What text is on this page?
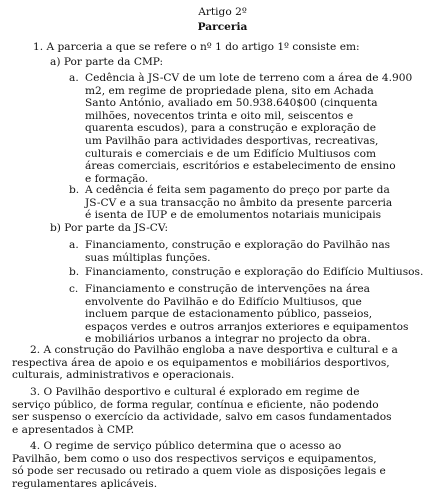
Artigo 2º
Parceria
1. A parceria a que se refere o nº 1 do artigo 1º consiste em:
a) Por parte da CMP:
a. Cedência à JS-CV de um lote de terreno com a área de 4.900
m2, em regime de propriedade plena, sito em Achada
Santo António, avaliado em 50.938.640$00 (cinquenta
milhões, novecentos trinta e oito mil, seiscentos e
quarenta escudos), para a construção e exploração de
um Pavilhão para actividades desportivas, recreativas,
culturais e comerciais e de um Edifício Multiusos com
áreas comerciais, escritórios e estabelecimento de ensino
e formação.
b. A cedência é feita sem pagamento do preço por parte da
JS-CV e a sua transacção no âmbito da presente parceria
é isenta de IUP e de emolumentos notariais municipais
b) Por parte da JS-CV:
a. Financiamento, construção e exploração do Pavilhão nas
suas múltiplas funções.
b. Financiamento, construção e exploração do Edifício Multiusos.
c. Financiamento e construção de intervenções na área
envolvente do Pavilhão e do Edifício Multiusos, que
incluem parque de estacionamento público, passeios,
espaços verdes e outros arranjos exteriores e equipamentos
e mobiliários urbanos a integrar no projecto da obra.
2. A construção do Pavilhão engloba a nave desportiva e cultural e a
respectiva área de apoio e os equipamentos e mobiliários desportivos,
culturais, administrativos e operacionais.
3. O Pavilhão desportivo e cultural é explorado em regime de
serviço público, de forma regular, contínua e eficiente, não podendo
ser suspenso o exercício da actividade, salvo em casos fundamentados
e apresentados à CMP.
4. O regime de serviço público determina que o acesso ao
Pavilhão, bem como o uso dos respectivos serviços e equipamentos,
só pode ser recusado ou retirado a quem viole as disposições legais e
regulamentares aplicáveis.
